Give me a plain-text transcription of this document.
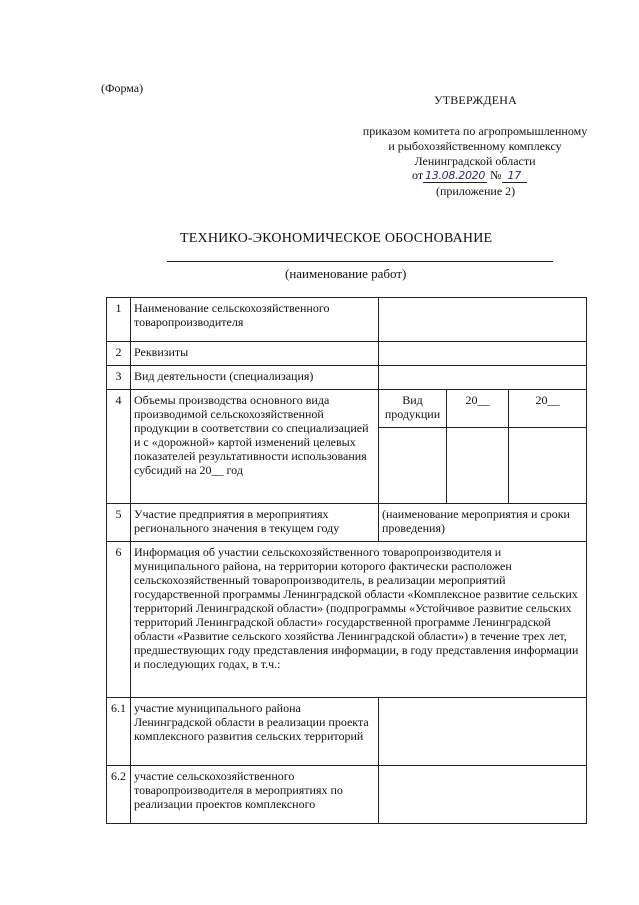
(Форма)
УТВЕРЖДЕНА
приказом комитета по агропромышленному
и рыбохозяйственному комплексу
Ленинградской области
от 13.08.2020 № 17
(приложение 2)
ТЕХНИКО-ЭКОНОМИЧЕСКОЕ ОБОСНОВАНИЕ
(наименование работ)
1	Наименование сельскохозяйственного товаропроизводителя			
2	Реквизиты			
3	Вид деятельности (специализация)			
4	Объемы производства основного вида производимой сельскохозяйственной продукции в соответствии со специализацией и с «дорожной» картой изменений целевых показателей результативности использования субсидий на 20__ год	Вид продукции	20__	20__

5	Участие предприятия в мероприятиях регионального значения в текущем году	(наименование мероприятия и сроки проведения)		
6	Информация об участии сельскохозяйственного товаропроизводителя и муниципального района, на территории которого фактически расположен сельскохозяйственный товаропроизводитель, в реализации мероприятий государственной программы Ленинградской области «Комплексное развитие сельских территорий Ленинградской области» (подпрограммы «Устойчивое развитие сельских территорий Ленинградской области» государственной программе Ленинградской области «Развитие сельского хозяйства Ленинградской области») в течение трех лет, предшествующих году представления информации, в году представления информации и последующих годах, в т.ч.:			
6.1	участие муниципального района Ленинградской области в реализации проекта комплексного развития сельских территорий			
6.2	участие сельскохозяйственного товаропроизводителя в мероприятиях по реализации проектов комплексного			
